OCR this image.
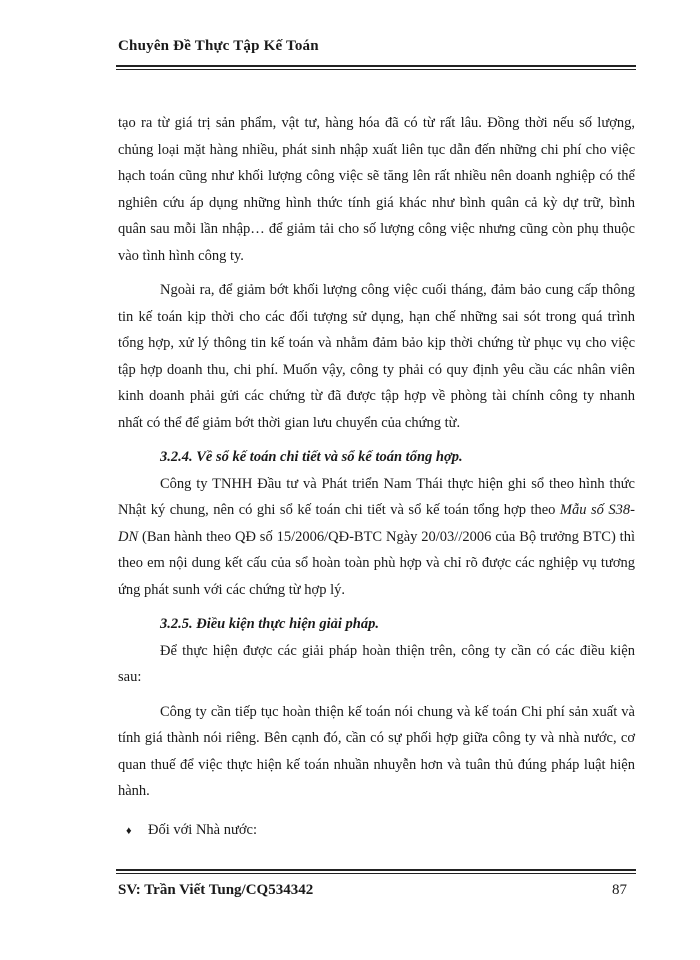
Chuyên Đề Thực Tập Kế Toán

tạo ra từ giá trị sản phẩm, vật tư, hàng hóa đã có từ rất lâu. Đồng thời nếu số lượng, chủng loại mặt hàng nhiều, phát sinh nhập xuất liên tục dẫn đến những chi phí cho việc hạch toán cũng như khối lượng công việc sẽ tăng lên rất nhiều nên doanh nghiệp có thể nghiên cứu áp dụng những hình thức tính giá khác như bình quân cả kỳ dự trữ, bình quân sau mỗi lần nhập… để giảm tải cho số lượng công việc nhưng cũng còn phụ thuộc vào tình hình công ty.

Ngoài ra, để giảm bớt khối lượng công việc cuối tháng, đảm bảo cung cấp thông tin kế toán kịp thời cho các đối tượng sử dụng, hạn chế những sai sót trong quá trình tổng hợp, xử lý thông tin kế toán và nhằm đảm bảo kịp thời chứng từ phục vụ cho việc tập hợp doanh thu, chi phí. Muốn vậy, công ty phải có quy định yêu cầu các nhân viên kinh doanh phải gửi các chứng từ đã được tập hợp về phòng tài chính công ty nhanh nhất có thể để giảm bớt thời gian lưu chuyển của chứng từ.

3.2.4. Về sổ kế toán chi tiết và sổ kế toán tổng hợp.

Công ty TNHH Đầu tư và Phát triển Nam Thái thực hiện ghi sổ theo hình thức Nhật ký chung, nên có ghi sổ kế toán chi tiết và sổ kế toán tổng hợp theo Mẫu số S38-DN (Ban hành theo QĐ số 15/2006/QĐ-BTC Ngày 20/03//2006 của Bộ trưởng BTC) thì theo em nội dung kết cấu của sổ hoàn toàn phù hợp và chỉ rõ được các nghiệp vụ tương ứng phát sunh với các chứng từ hợp lý.

3.2.5. Điều kiện thực hiện giải pháp.

Để thực hiện được các giải pháp hoàn thiện trên, công ty cần có các điều kiện sau:

Công ty cần tiếp tục hoàn thiện kế toán nói chung và kế toán Chi phí sản xuất và tính giá thành nói riêng. Bên cạnh đó, cần có sự phối hợp giữa công ty và nhà nước, cơ quan thuế để việc thực hiện kế toán nhuần nhuyễn hơn và tuân thủ đúng pháp luật hiện hành.

♦ Đối với Nhà nước:

SV: Trần Viết Tung/CQ534342	87
